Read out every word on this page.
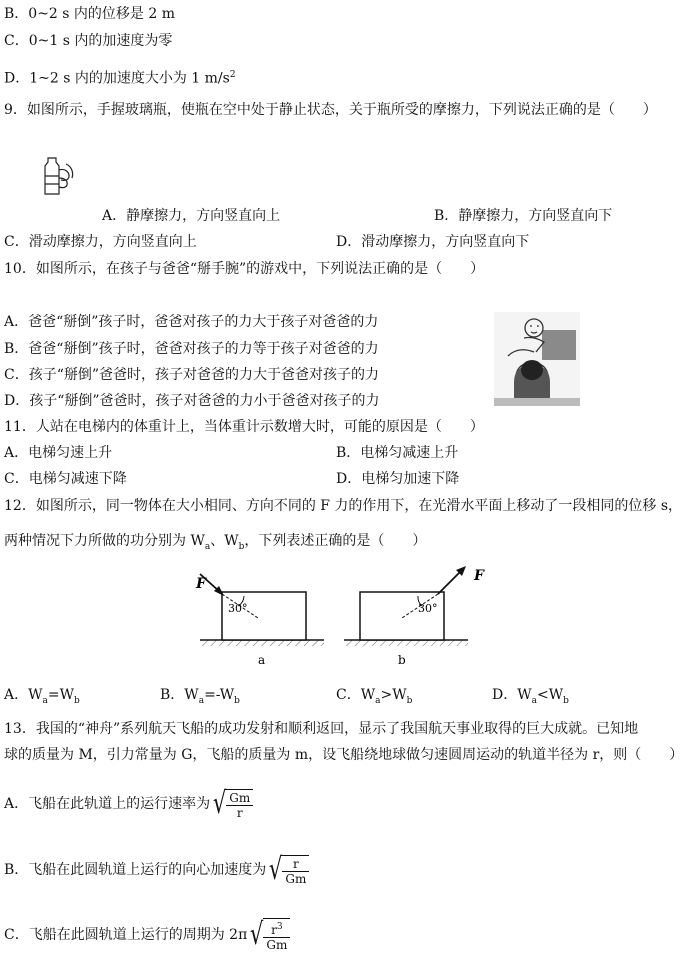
B．0~2 s 内的位移是 2 m
C．0~1 s 内的加速度为零
D．1~2 s 内的加速度大小为 1 $m/s^2$
9．如图所示，手握玻璃瓶，使瓶在空中处于静止状态，关于瓶所受的摩擦力，下列说法正确的是（　　）
A．静摩擦力，方向竖直向上	B．静摩擦力，方向竖直向下
C．滑动摩擦力，方向竖直向上	D．滑动摩擦力，方向竖直向下
10．如图所示，在孩子与爸爸“掰手腕”的游戏中，下列说法正确的是（　　）
A．爸爸“掰倒”孩子时，爸爸对孩子的力大于孩子对爸爸的力
B．爸爸“掰倒”孩子时，爸爸对孩子的力等于孩子对爸爸的力
C．孩子“掰倒”爸爸时，孩子对爸爸的力大于爸爸对孩子的力
D．孩子“掰倒”爸爸时，孩子对爸爸的力小于爸爸对孩子的力
11．人站在电梯内的体重计上，当体重计示数增大时，可能的原因是（　　）
A．电梯匀速上升	B．电梯匀减速上升
C．电梯匀减速下降	D．电梯匀加速下降
12．如图所示，同一物体在大小相同、方向不同的 F 力的作用下，在光滑水平面上移动了一段相同的位移 s，
两种情况下力所做的功分别为 $W_a$、$W_b$，下列表述正确的是（　　）
F
30°
a
F
30°
b
A．$W_a=W_b$	B．$W_a=-W_b$	C．$W_a>W_b$	D．$W_a<W_b$
13．我国的“神舟”系列航天飞船的成功发射和顺利返回，显示了我国航天事业取得的巨大成就。已知地
球的质量为 M，引力常量为 G，飞船的质量为 m，设飞船绕地球做匀速圆周运动的轨道半径为 r，则（　　）
A．飞船在此轨道上的运行速率为 √ $\frac{Gm}{r}$
B．飞船在此圆轨道上运行的向心加速度为 √ $\frac{r}{Gm}$
C．飞船在此圆轨道上运行的周期为 2π √ $\frac{r^3}{Gm}$
